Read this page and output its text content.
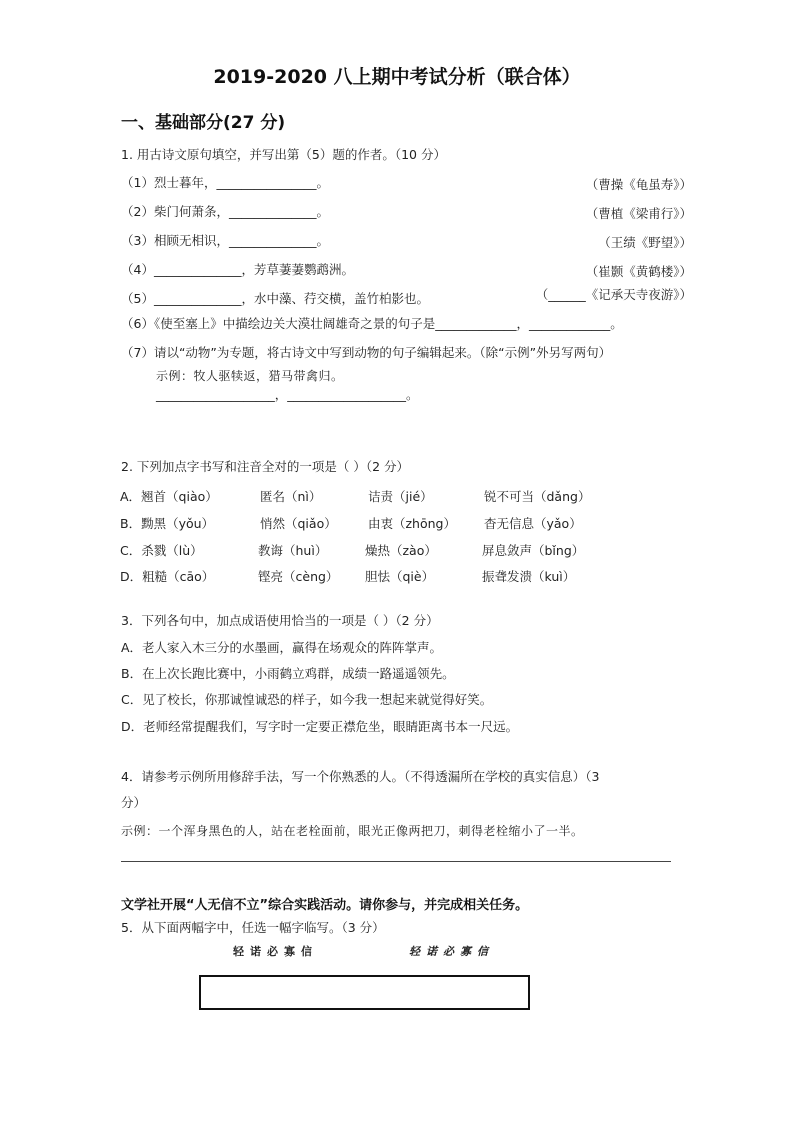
2019-2020 八上期中考试分析（联合体）
一、基础部分(27 分)
1. 用古诗文原句填空，并写出第（5）题的作者。（10 分）
（1）烈士暮年，________________。	（曹操《龟虽寿》）
（2）柴门何萧条，______________。	（曹植《梁甫行》）
（3）相顾无相识，______________。	（王绩《野望》）
（4）______________，芳草萋萋鹦鹉洲。	（崔颢《黄鹤楼》）
（5）______________，水中藻、荇交横，盖竹柏影也。	（______《记承天寺夜游》）
（6）《使至塞上》中描绘边关大漠壮阔雄奇之景的句子是_____________，_____________。
（7）请以“动物”为专题，将古诗文中写到动物的句子编辑起来。（除“示例”外另写两句）
示例：牧人驱犊返，猎马带禽归。
___________________，___________________。
2. 下列加点字书写和注音全对的一项是（ ）（2 分）
A．翘首（qiào）	匿名（nì）	诘责（jié）	锐不可当（dǎng）
B．黝黑（yǒu）	悄然（qiǎo）	由衷（zhōng） 杳无信息（yǎo）
C．杀戮（lù）	教诲（huì）	燥热（zào）	屏息敛声（bǐng）
D．粗糙（cāo）	铿亮（cèng） 胆怯（qiè）	振聋发溃（kuì）
3．下列各句中，加点成语使用恰当的一项是（ ）（2 分）
A．老人家入木三分的水墨画，赢得在场观众的阵阵掌声。
B．在上次长跑比赛中，小雨鹤立鸡群，成绩一路遥遥领先。
C．见了校长，你那诚惶诚恐的样子，如今我一想起来就觉得好笑。
D．老师经常提醒我们，写字时一定要正襟危坐，眼睛距离书本一尺远。
4．请参考示例所用修辞手法，写一个你熟悉的人。（不得透漏所在学校的真实信息）（3
分）
示例：一个浑身黑色的人，站在老栓面前，眼光正像两把刀，刺得老栓缩小了一半。
文学社开展“人无信不立”综合实践活动。请你参与，并完成相关任务。
5．从下面两幅字中，任选一幅字临写。（3 分）
轻诺必寡信	轻诺必寡信
